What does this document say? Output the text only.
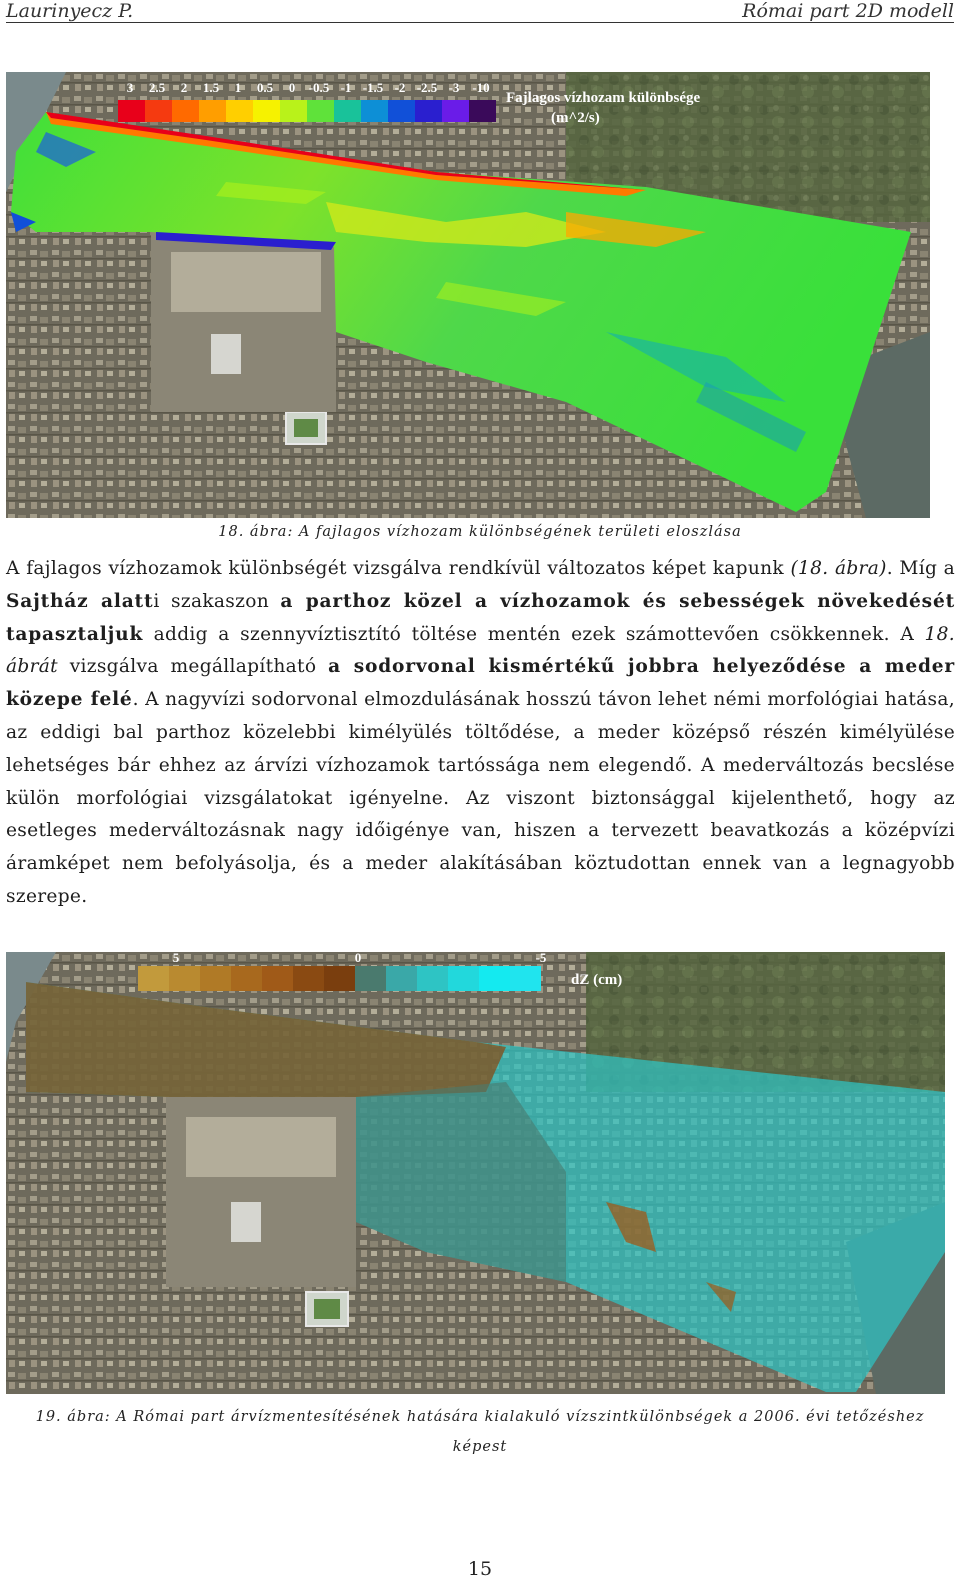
Laurinyecz P.	Római part 2D modell
3 2.5 2 1.5 1 0.5 0 -0.5 -1 -1.5 -2 -2.5 -3 -10
Fajlagos vízhozam különbsége
(m^2/s)
18. ábra: A fajlagos vízhozam különbségének területi eloszlása
A fajlagos vízhozamok különbségét vizsgálva rendkívül változatos képet kapunk (18. ábra). Míg a Sajtház alatti szakaszon a parthoz közel a vízhozamok és sebességek növekedését tapasztaljuk addig a szennyvíztisztító töltése mentén ezek számottevően csökkennek. A 18. ábrát vizsgálva megállapítható a sodorvonal kismértékű jobbra helyeződése a meder közepe felé. A nagyvízi sodorvonal elmozdulásának hosszú távon lehet némi morfológiai hatása, az eddigi bal parthoz közelebbi kimélyülés töltődése, a meder középső részén kimélyülése lehetséges bár ehhez az árvízi vízhozamok tartóssága nem elegendő. A mederváltozás becslése külön morfológiai vizsgálatokat igényelne. Az viszont biztonsággal kijelenthető, hogy az esetleges mederváltozásnak nagy időigénye van, hiszen a tervezett beavatkozás a középvízi áramképet nem befolyásolja, és a meder alakításában köztudottan ennek van a legnagyobb szerepe.
5	0	-5
dZ (cm)
19. ábra: A Római part árvízmentesítésének hatására kialakuló vízszintkülönbségek a 2006. évi tetőzéshez
képest
15
